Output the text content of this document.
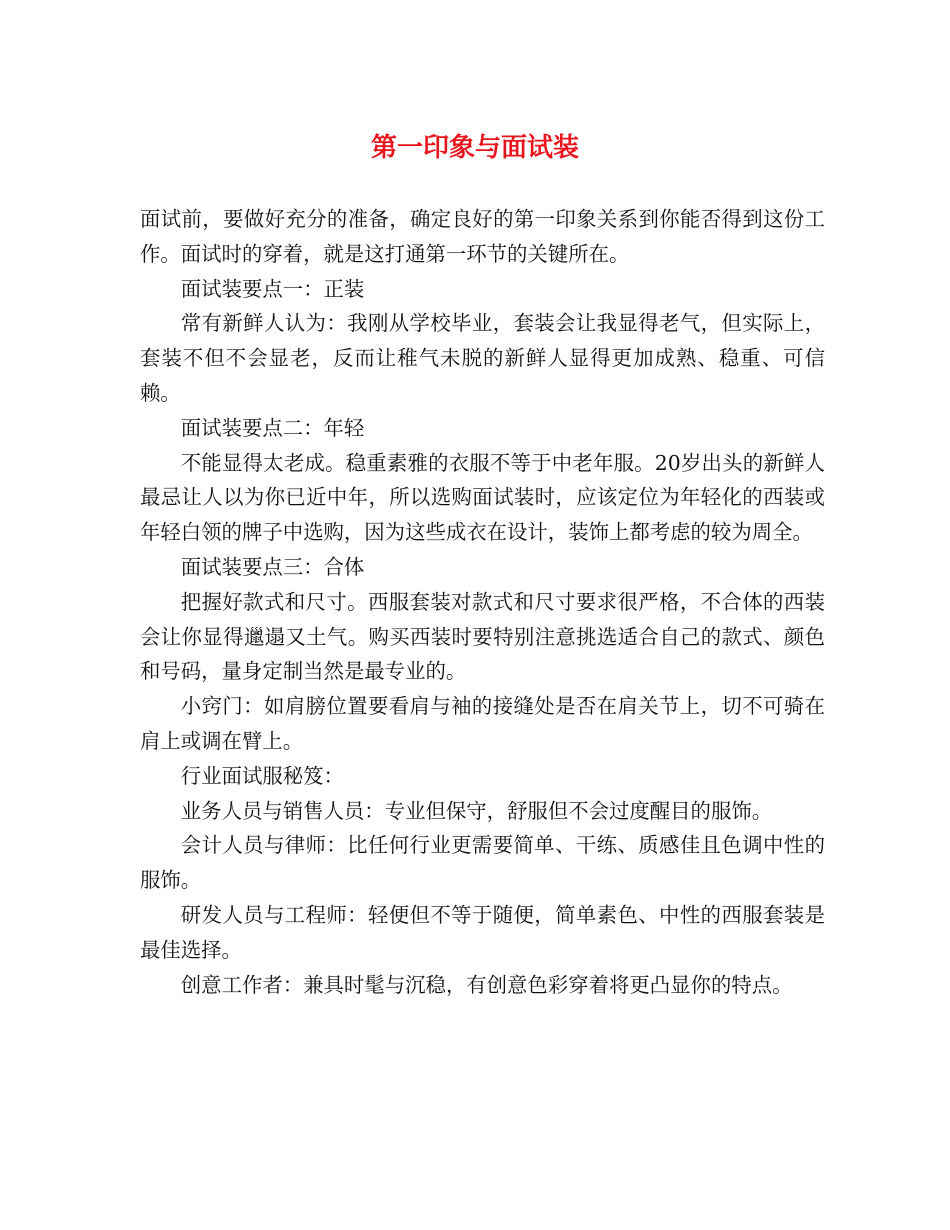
第一印象与面试装

面试前，要做好充分的准备，确定良好的第一印象关系到你能否得到这份工作。面试时的穿着，就是这打通第一环节的关键所在。

面试装要点一：正装

常有新鲜人认为：我刚从学校毕业，套装会让我显得老气，但实际上，套装不但不会显老，反而让稚气未脱的新鲜人显得更加成熟、稳重、可信赖。

面试装要点二：年轻

不能显得太老成。稳重素雅的衣服不等于中老年服。20岁出头的新鲜人最忌让人以为你已近中年，所以选购面试装时，应该定位为年轻化的西装或年轻白领的牌子中选购，因为这些成衣在设计，装饰上都考虑的较为周全。

面试装要点三：合体

把握好款式和尺寸。西服套装对款式和尺寸要求很严格，不合体的西装会让你显得邋遢又土气。购买西装时要特别注意挑选适合自己的款式、颜色和号码，量身定制当然是最专业的。

小窍门：如肩膀位置要看肩与袖的接缝处是否在肩关节上，切不可骑在肩上或调在臂上。

行业面试服秘笈：

业务人员与销售人员：专业但保守，舒服但不会过度醒目的服饰。

会计人员与律师：比任何行业更需要简单、干练、质感佳且色调中性的服饰。

研发人员与工程师：轻便但不等于随便，简单素色、中性的西服套装是最佳选择。

创意工作者：兼具时髦与沉稳，有创意色彩穿着将更凸显你的特点。
